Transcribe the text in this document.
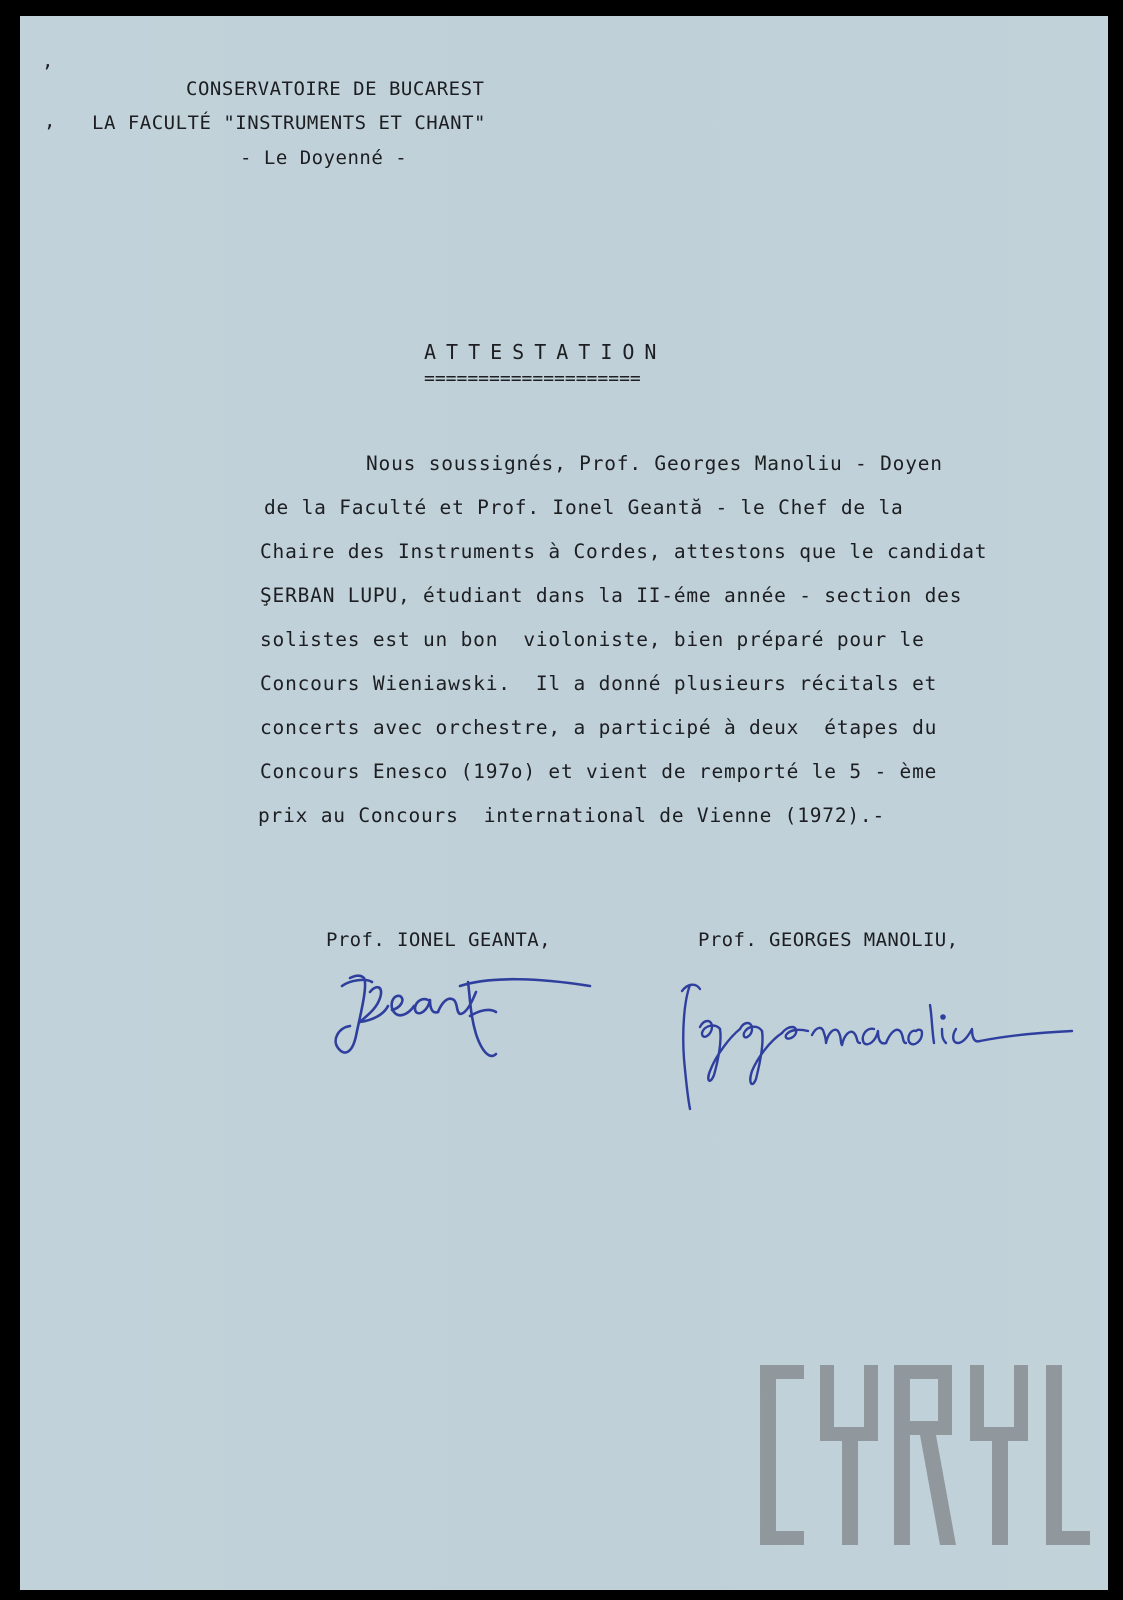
CONSERVATOIRE DE BUCAREST
LA FACULTÉ "INSTRUMENTS ET CHANT"
- Le Doyenné -
ATTESTATION
====================
Nous soussignés, Prof. Georges Manoliu - Doyen
de la Faculté et Prof. Ionel Geantă - le Chef de la
Chaire des Instruments à Cordes, attestons que le candidat
ŞERBAN LUPU, étudiant dans la II-éme année - section des
solistes est un bon  violoniste, bien préparé pour le
Concours Wieniawski.  Il a donné plusieurs récitals et
concerts avec orchestre, a participé à deux  étapes du
Concours Enesco (197o) et vient de remporté le 5 - ème
prix au Concours  international de Vienne (1972).-
Prof. IONEL GEANTA,	Prof. GEORGES MANOLIU,
,
,
